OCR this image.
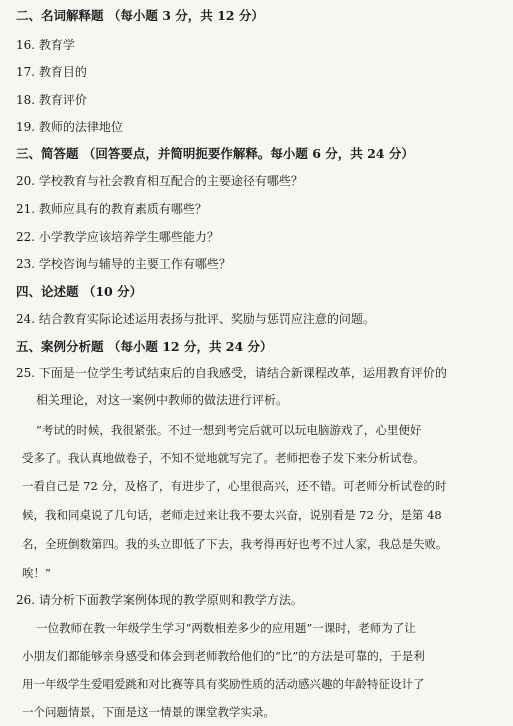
二、名词解释题 （每小题 3 分，共 12 分）
16. 教育学
17. 教育目的
18. 教育评价
19. 教师的法律地位
三、简答题 （回答要点，并简明扼要作解释。每小题 6 分，共 24 分）
20. 学校教育与社会教育相互配合的主要途径有哪些？
21. 教师应具有的教育素质有哪些？
22. 小学教学应该培养学生哪些能力？
23. 学校咨询与辅导的主要工作有哪些？
四、论述题 （10 分）
24. 结合教育实际论述运用表扬与批评、奖励与惩罚应注意的问题。
五、案例分析题 （每小题 12 分，共 24 分）
25. 下面是一位学生考试结束后的自我感受，请结合新课程改革，运用教育评价的
相关理论，对这一案例中教师的做法进行评析。
“考试的时候，我很紧张。不过一想到考完后就可以玩电脑游戏了，心里便好
受多了。我认真地做卷子，不知不觉地就写完了。老师把卷子发下来分析试卷。
一看自己是 72 分，及格了，有进步了，心里很高兴，还不错。可老师分析试卷的时
候，我和同桌说了几句话，老师走过来让我不要太兴奋，说别看是 72 分，是第 48
名，全班倒数第四。我的头立即低了下去，我考得再好也考不过人家，我总是失败。
唉！”
26. 请分析下面教学案例体现的教学原则和教学方法。
一位教师在教一年级学生学习“两数相差多少的应用题”一课时，老师为了让
小朋友们都能够亲身感受和体会到老师教给他们的“比”的方法是可靠的，于是利
用一年级学生爱唱爱跳和对比赛等具有奖励性质的活动感兴趣的年龄特征设计了
一个问题情景，下面是这一情景的课堂教学实录。
